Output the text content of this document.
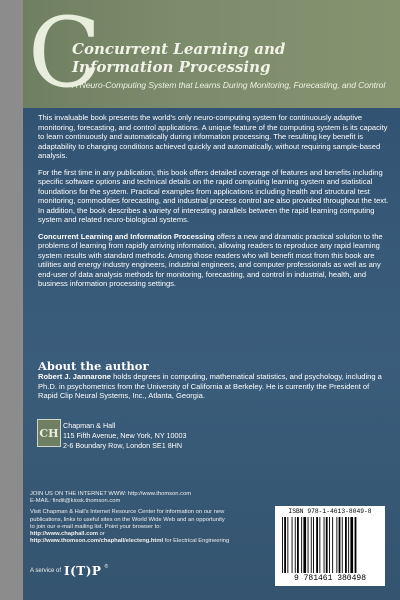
C
Concurrent Learning and
Information Processing
A Neuro-Computing System that Learns During Monitoring, Forecasting, and Control

This invaluable book presents the world's only neuro-computing system for continuously adaptive monitoring, forecasting, and control applications. A unique feature of the computing system is its capacity to learn continuously and automatically during information processing. The resulting key benefit is adaptability to changing conditions achieved quickly and automatically, without requiring sample-based analysis.

For the first time in any publication, this book offers detailed coverage of features and benefits including specific software options and technical details on the rapid computing learning system and statistical foundations for the system. Practical examples from applications including health and structural test monitoring, commodities forecasting, and industrial process control are also provided throughout the text. In addition, the book describes a variety of interesting parallels between the rapid learning computing system and related neuro-biological systems.

Concurrent Learning and Information Processing offers a new and dramatic practical solution to the problems of learning from rapidly arriving information, allowing readers to reproduce any rapid learning system results with standard methods. Among those readers who will benefit most from this book are utilities and energy industry engineers, industrial engineers, and computer professionals as well as any end-user of data analysis methods for monitoring, forecasting, and control in industrial, health, and business information processing settings.

About the author
Robert J. Jannarone holds degrees in computing, mathematical statistics, and psychology, including a Ph.D. in psychometrics from the University of California at Berkeley. He is currently the President of Rapid Clip Neural Systems, Inc., Atlanta, Georgia.
CH
Chapman & Hall
115 Fifth Avenue, New York, NY 10003
2-6 Boundary Row, London SE1 8HN

JOIN US ON THE INTERNET WWW: http://www.thomson.com
E-MAIL: findit@kiosk.thomson.com

Visit Chapman & Hall's Internet Resource Center for information on our new publications, links to useful sites on the World Wide Web and an opportunity to join our e-mail mailing list. Point your browser to: http://www.chaphall.com or http://www.thomson.com/chaphall/electeng.html for Electrical Engineering

A service of I(T)P ®
ISBN 978-1-4613-8049-8
9 781461 380498
